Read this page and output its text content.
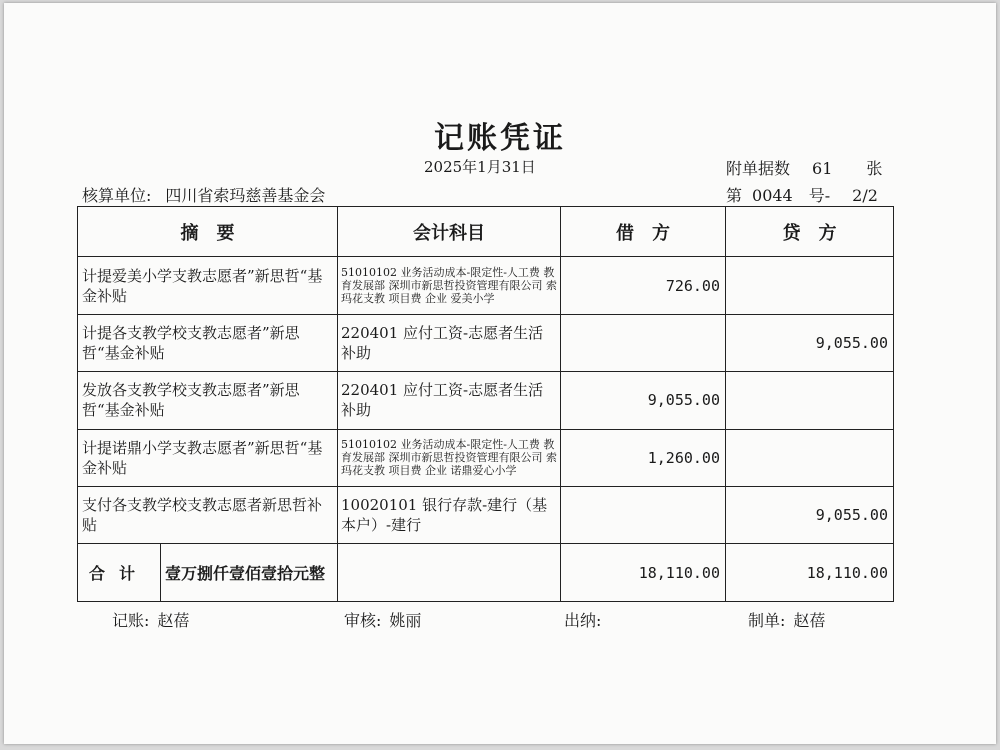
记账凭证
2025年1月31日	附单据数 61 张
核算单位: 四川省索玛慈善基金会	第 0044 号- 2/2
摘　要	会计科目	借　方	贷　方
计提爱美小学支教志愿者”新思哲“基金补贴	51010102 业务活动成本-限定性-人工费 教育发展部 深圳市新思哲投资管理有限公司 索玛花支教 项目费 企业 爱美小学	726.00	
计提各支教学校支教志愿者”新思哲“基金补贴	220401 应付工资-志愿者生活补助		9,055.00
发放各支教学校支教志愿者”新思哲“基金补贴	220401 应付工资-志愿者生活补助	9,055.00	
计提诺鼎小学支教志愿者”新思哲“基金补贴	51010102 业务活动成本-限定性-人工费 教育发展部 深圳市新思哲投资管理有限公司 索玛花支教 项目费 企业 诺鼎爱心小学	1,260.00	
支付各支教学校支教志愿者新思哲补贴	10020101 银行存款-建行（基本户）-建行		9,055.00

合计 壹万捌仟壹佰壹拾元整		18,110.00	18,110.00
记账: 赵蓓	审核: 姚丽	出纳:	制单: 赵蓓
